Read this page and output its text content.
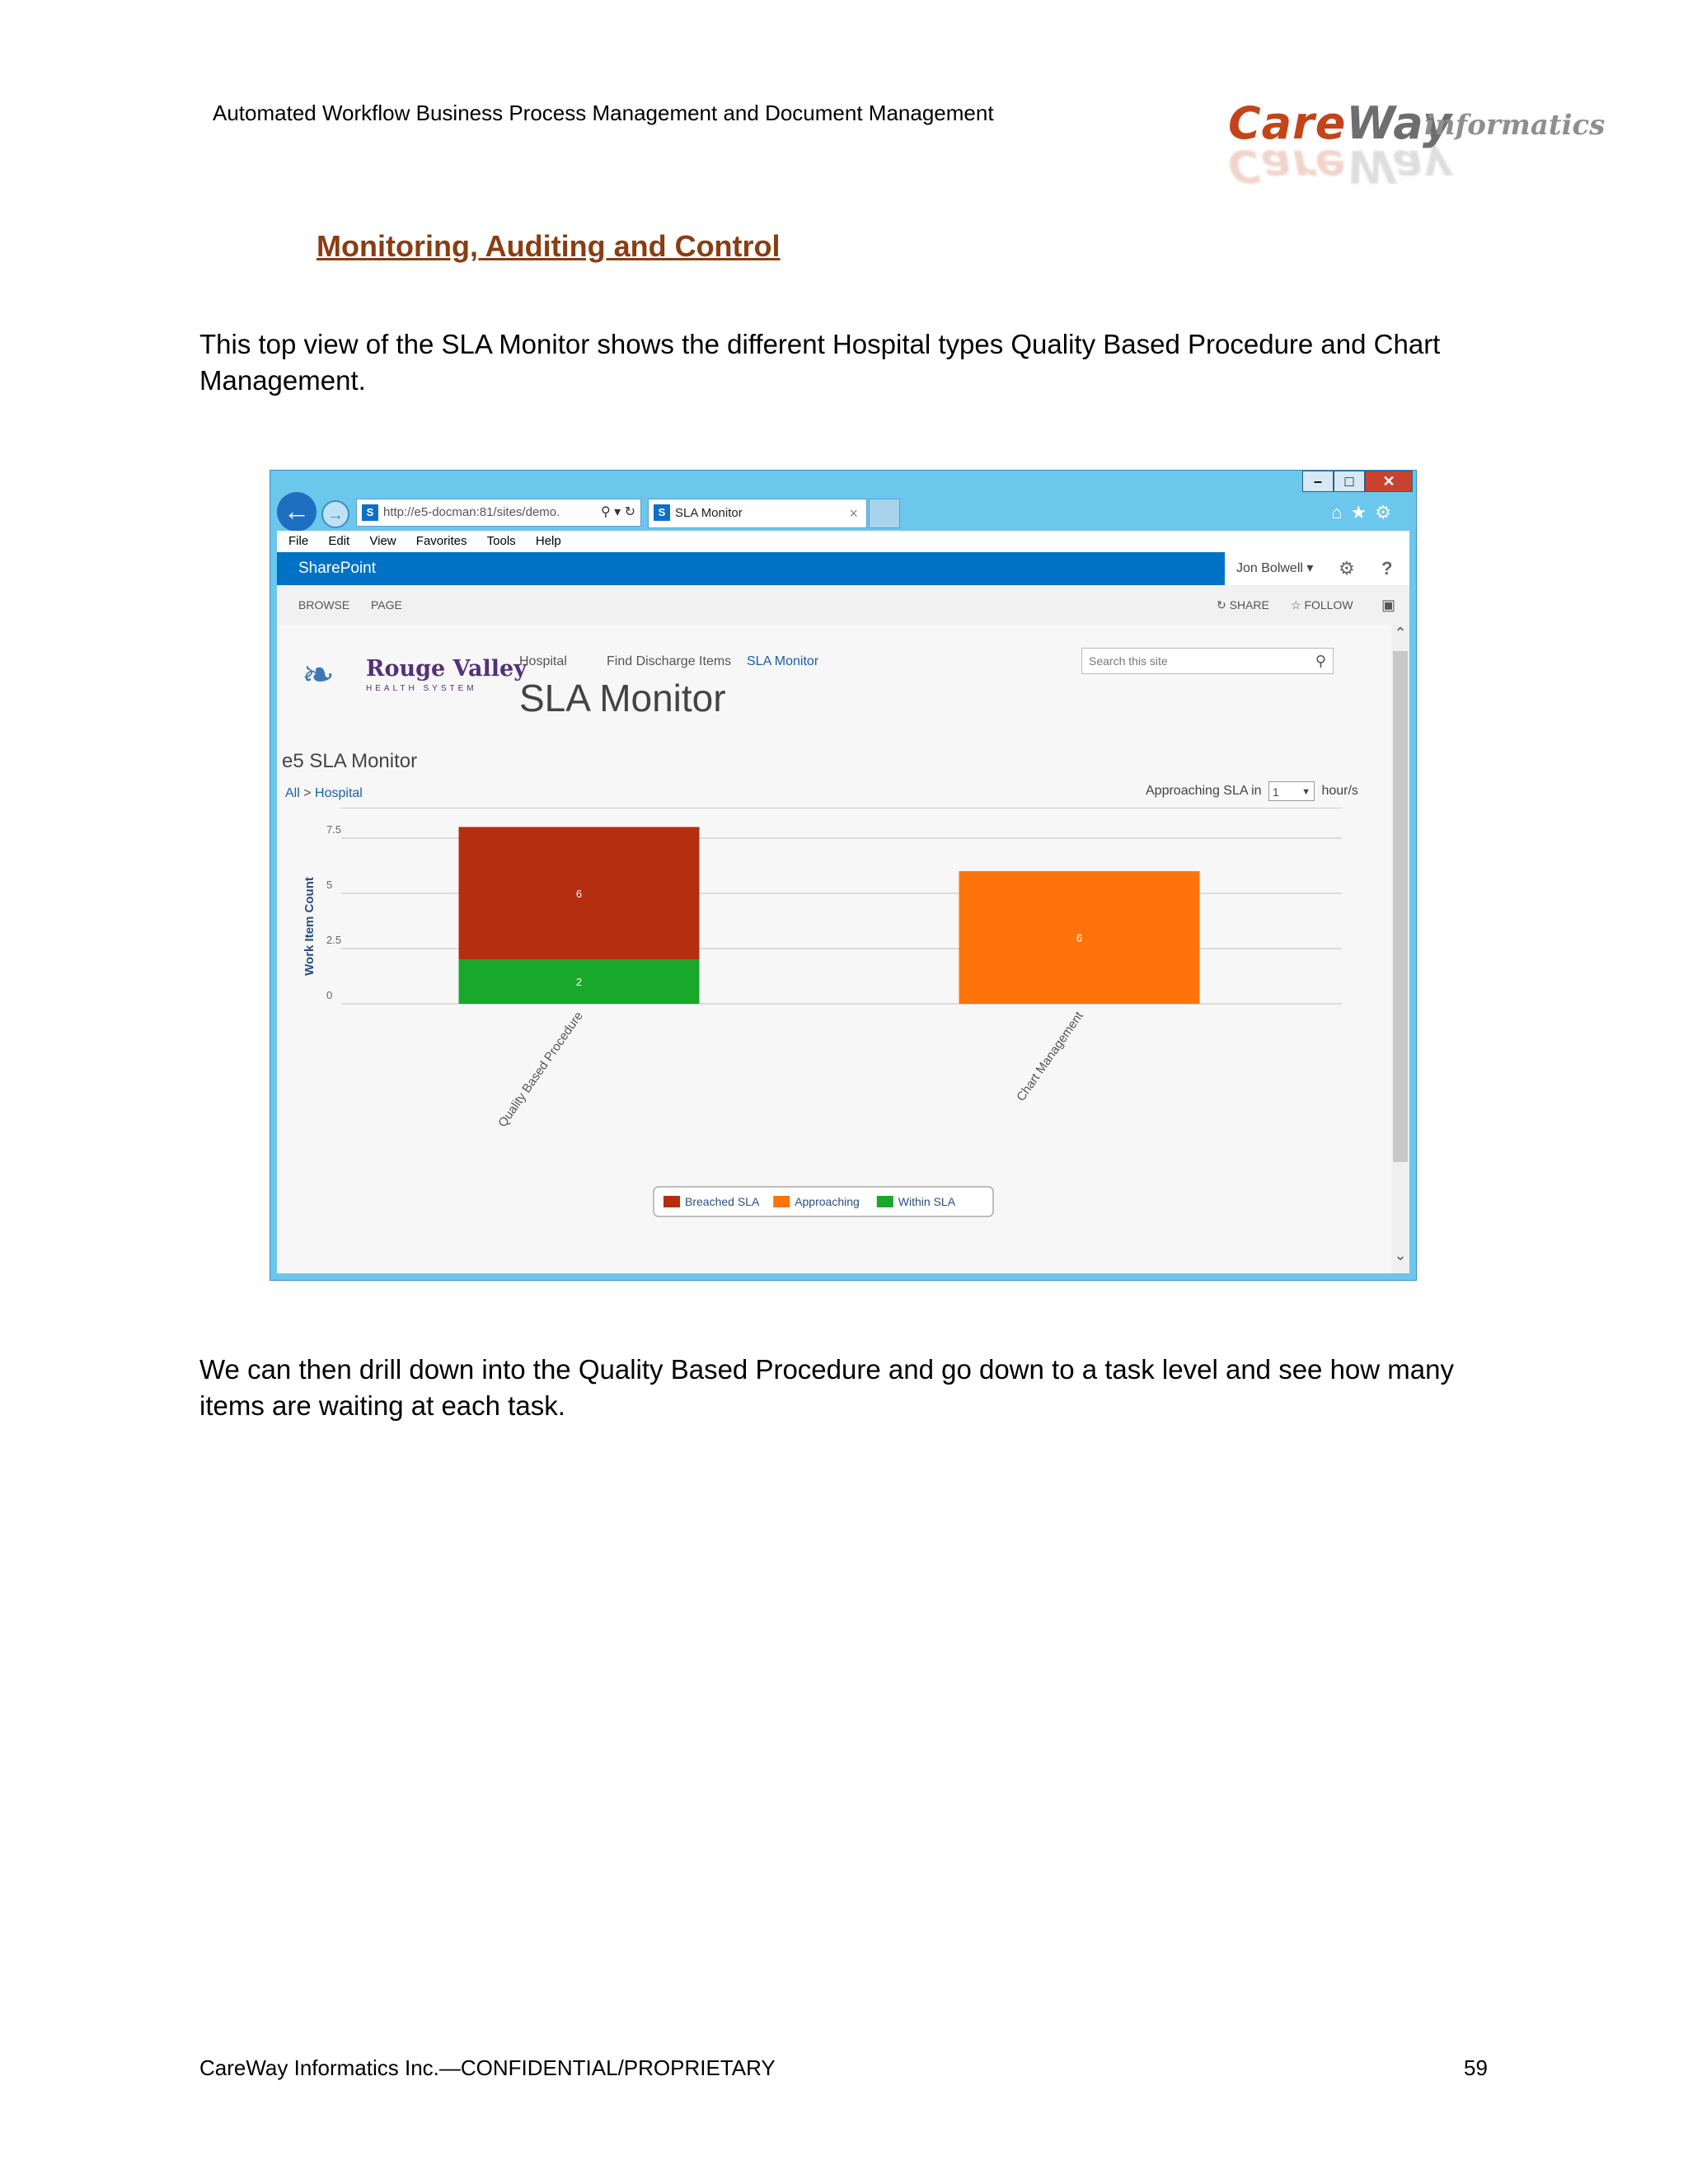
Automated Workflow Business Process Management and Document Management	CareWay
informatics
CareWay
Monitoring, Auditing and Control
This top view of the SLA Monitor shows the different Hospital types Quality Based Procedure and Chart Management.
–	□	✕
←	→	S http://e5-docman:81/sites/demo.	⚲ ▾ ↻	S SLA Monitor	×	⌂★⚙
File Edit View Favorites Tools Help
SharePoint	Jon Bolwell ▾ ⚙ ?
BROWSE PAGE	↻ SHARE ☆ FOLLOW ▣
❧ Rouge Valley
HEALTH SYSTEM
Hospital	Find Discharge Items SLA Monitor
SLA Monitor
Search this site	⚲
e5 SLA Monitor
All > Hospital	Approaching SLA in 1 ▼ hour/s
0
2.5
5
7.5
Work Item Count
2
6
Quality Based Procedure
6
Chart Management
Breached SLA	Approaching	Within SLA
⌃
⌄
We can then drill down into the Quality Based Procedure and go down to a task level and see how many items are waiting at each task.
CareWay Informatics Inc.—CONFIDENTIAL/PROPRIETARY	59
